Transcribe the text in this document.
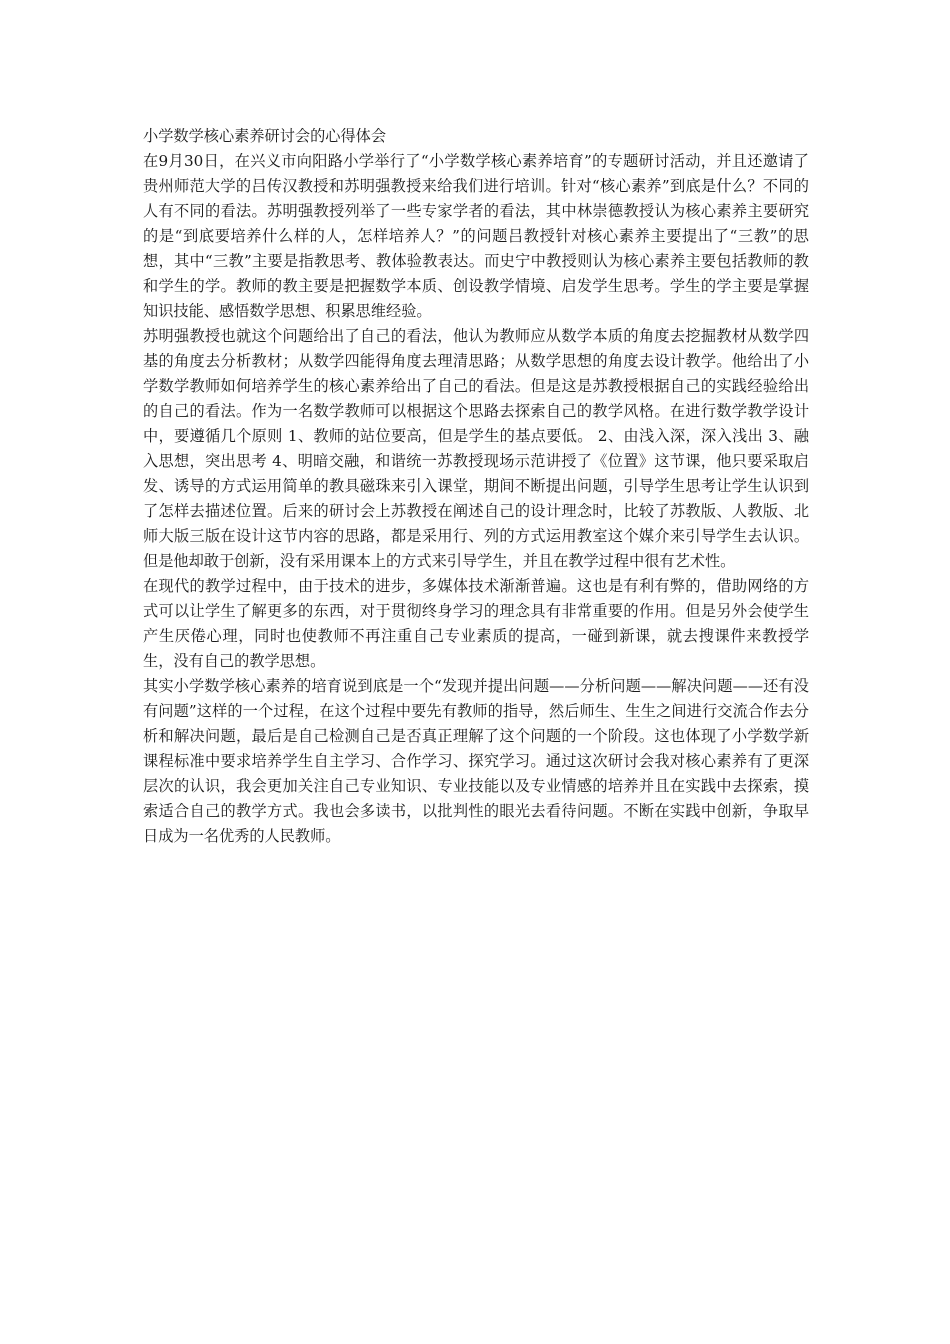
小学数学核心素养研讨会的心得体会

在9月30日，在兴义市向阳路小学举行了“小学数学核心素养培育”的专题研讨活动，并且还邀请了贵州师范大学的吕传汉教授和苏明强教授来给我们进行培训。针对“核心素养”到底是什么？不同的人有不同的看法。苏明强教授列举了一些专家学者的看法，其中林崇德教授认为核心素养主要研究的是“到底要培养什么样的人，怎样培养人？”的问题吕教授针对核心素养主要提出了“三教”的思想，其中“三教”主要是指教思考、教体验教表达。而史宁中教授则认为核心素养主要包括教师的教和学生的学。教师的教主要是把握数学本质、创设教学情境、启发学生思考。学生的学主要是掌握知识技能、感悟数学思想、积累思维经验。

苏明强教授也就这个问题给出了自己的看法，他认为教师应从数学本质的角度去挖掘教材从数学四基的角度去分析教材；从数学四能得角度去理清思路；从数学思想的角度去设计教学。他给出了小学数学教师如何培养学生的核心素养给出了自己的看法。但是这是苏教授根据自己的实践经验给出的自己的看法。作为一名数学教师可以根据这个思路去探索自己的教学风格。在进行数学教学设计中，要遵循几个原则 1、教师的站位要高，但是学生的基点要低。 2、由浅入深，深入浅出 3、融入思想，突出思考 4、明暗交融，和谐统一苏教授现场示范讲授了《位置》这节课，他只要采取启发、诱导的方式运用简单的教具磁珠来引入课堂，期间不断提出问题，引导学生思考让学生认识到了怎样去描述位置。后来的研讨会上苏教授在阐述自己的设计理念时，比较了苏教版、人教版、北师大版三版在设计这节内容的思路，都是采用行、列的方式运用教室这个媒介来引导学生去认识。但是他却敢于创新，没有采用课本上的方式来引导学生，并且在教学过程中很有艺术性。

在现代的教学过程中，由于技术的进步，多媒体技术渐渐普遍。这也是有利有弊的，借助网络的方式可以让学生了解更多的东西，对于贯彻终身学习的理念具有非常重要的作用。但是另外会使学生产生厌倦心理，同时也使教师不再注重自己专业素质的提高，一碰到新课，就去搜课件来教授学生，没有自己的教学思想。

其实小学数学核心素养的培育说到底是一个“发现并提出问题——分析问题——解决问题——还有没有问题”这样的一个过程，在这个过程中要先有教师的指导，然后师生、生生之间进行交流合作去分析和解决问题，最后是自己检测自己是否真正理解了这个问题的一个阶段。这也体现了小学数学新课程标准中要求培养学生自主学习、合作学习、探究学习。通过这次研讨会我对核心素养有了更深层次的认识，我会更加关注自己专业知识、专业技能以及专业情感的培养并且在实践中去探索，摸索适合自己的教学方式。我也会多读书，以批判性的眼光去看待问题。不断在实践中创新，争取早日成为一名优秀的人民教师。
